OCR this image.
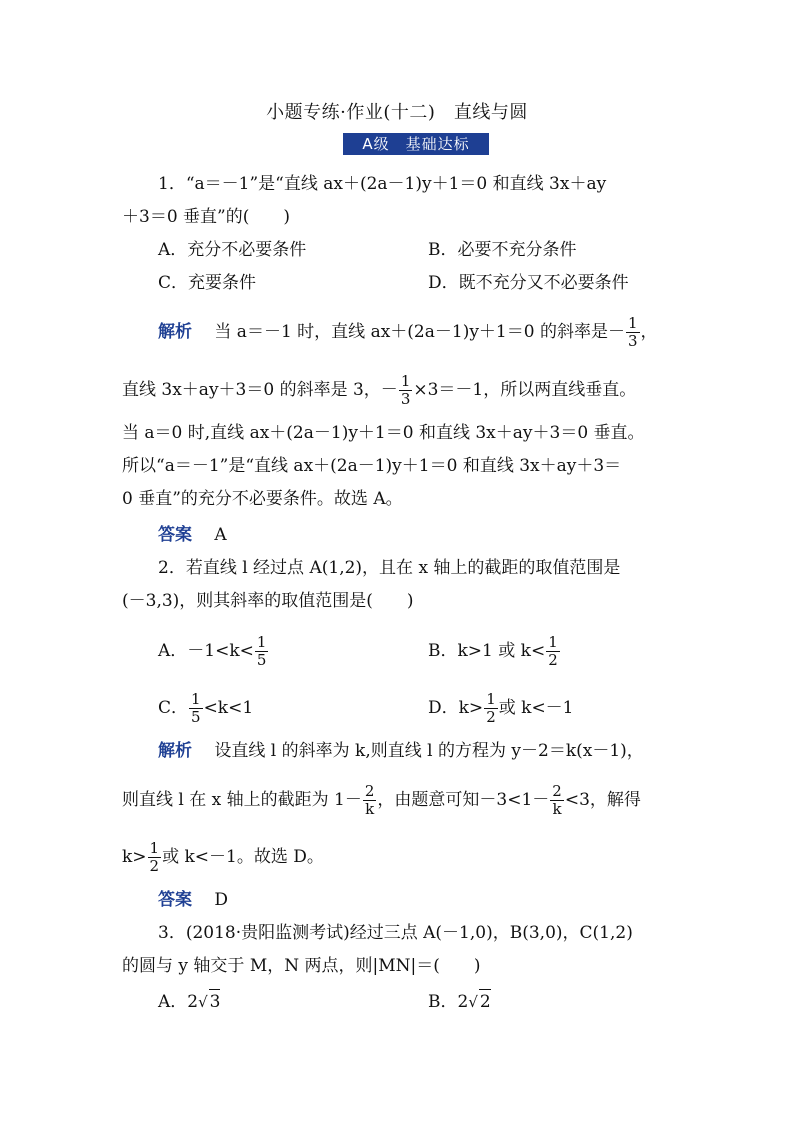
小题专练·作业(十二)　直线与圆
A级　基础达标
1．“a＝－1”是“直线 ax＋(2a－1)y＋1＝0 和直线 3x＋ay
＋3＝0 垂直”的(　　)
A．充分不必要条件	B．必要不充分条件
C．充要条件	D．既不充分又不必要条件
解析　 当 a＝－1 时，直线 ax＋(2a－1)y＋1＝0 的斜率是－ $\frac{1}{3}$ ，
直线 3x＋ay＋3＝0 的斜率是 3，－ $\frac{1}{3} \times 3=-1$，所以两直线垂直。
当 a＝0 时,直线 ax＋(2a－1)y＋1＝0 和直线 3x＋ay＋3＝0 垂直。
所以“a＝－1”是“直线 ax＋(2a－1)y＋1＝0 和直线 3x＋ay＋3＝
0 垂直”的充分不必要条件。故选 A。
答案　 A
2．若直线 l 经过点 A(1,2)，且在 x 轴上的截距的取值范围是
(－3,3)，则其斜率的取值范围是(　　)
A．$-1<k< \frac{1}{5}$	B．k>1 或 $k< \frac{1}{2}$
C． $\frac{1}{5} <k<1$	D．$k> \frac{1}{2}$ 或 k<－1
解析　 设直线 l 的斜率为 k,则直线 l 的方程为 y－2＝k(x－1)，
则直线 l 在 x 轴上的截距为 $1- \frac{2}{k}$ ，由题意可知$-3<1- \frac{2}{k} <3$，解得
$k> \frac{1}{2}$ 或 k<－1。故选 D。
答案　 D
3．(2018·贵阳监测考试)经过三点 A(－1,0)，B(3,0)，C(1,2)
的圆与 y 轴交于 M，N 两点，则|MN|＝(　　)
A．2√ 3	B．2√ 2
